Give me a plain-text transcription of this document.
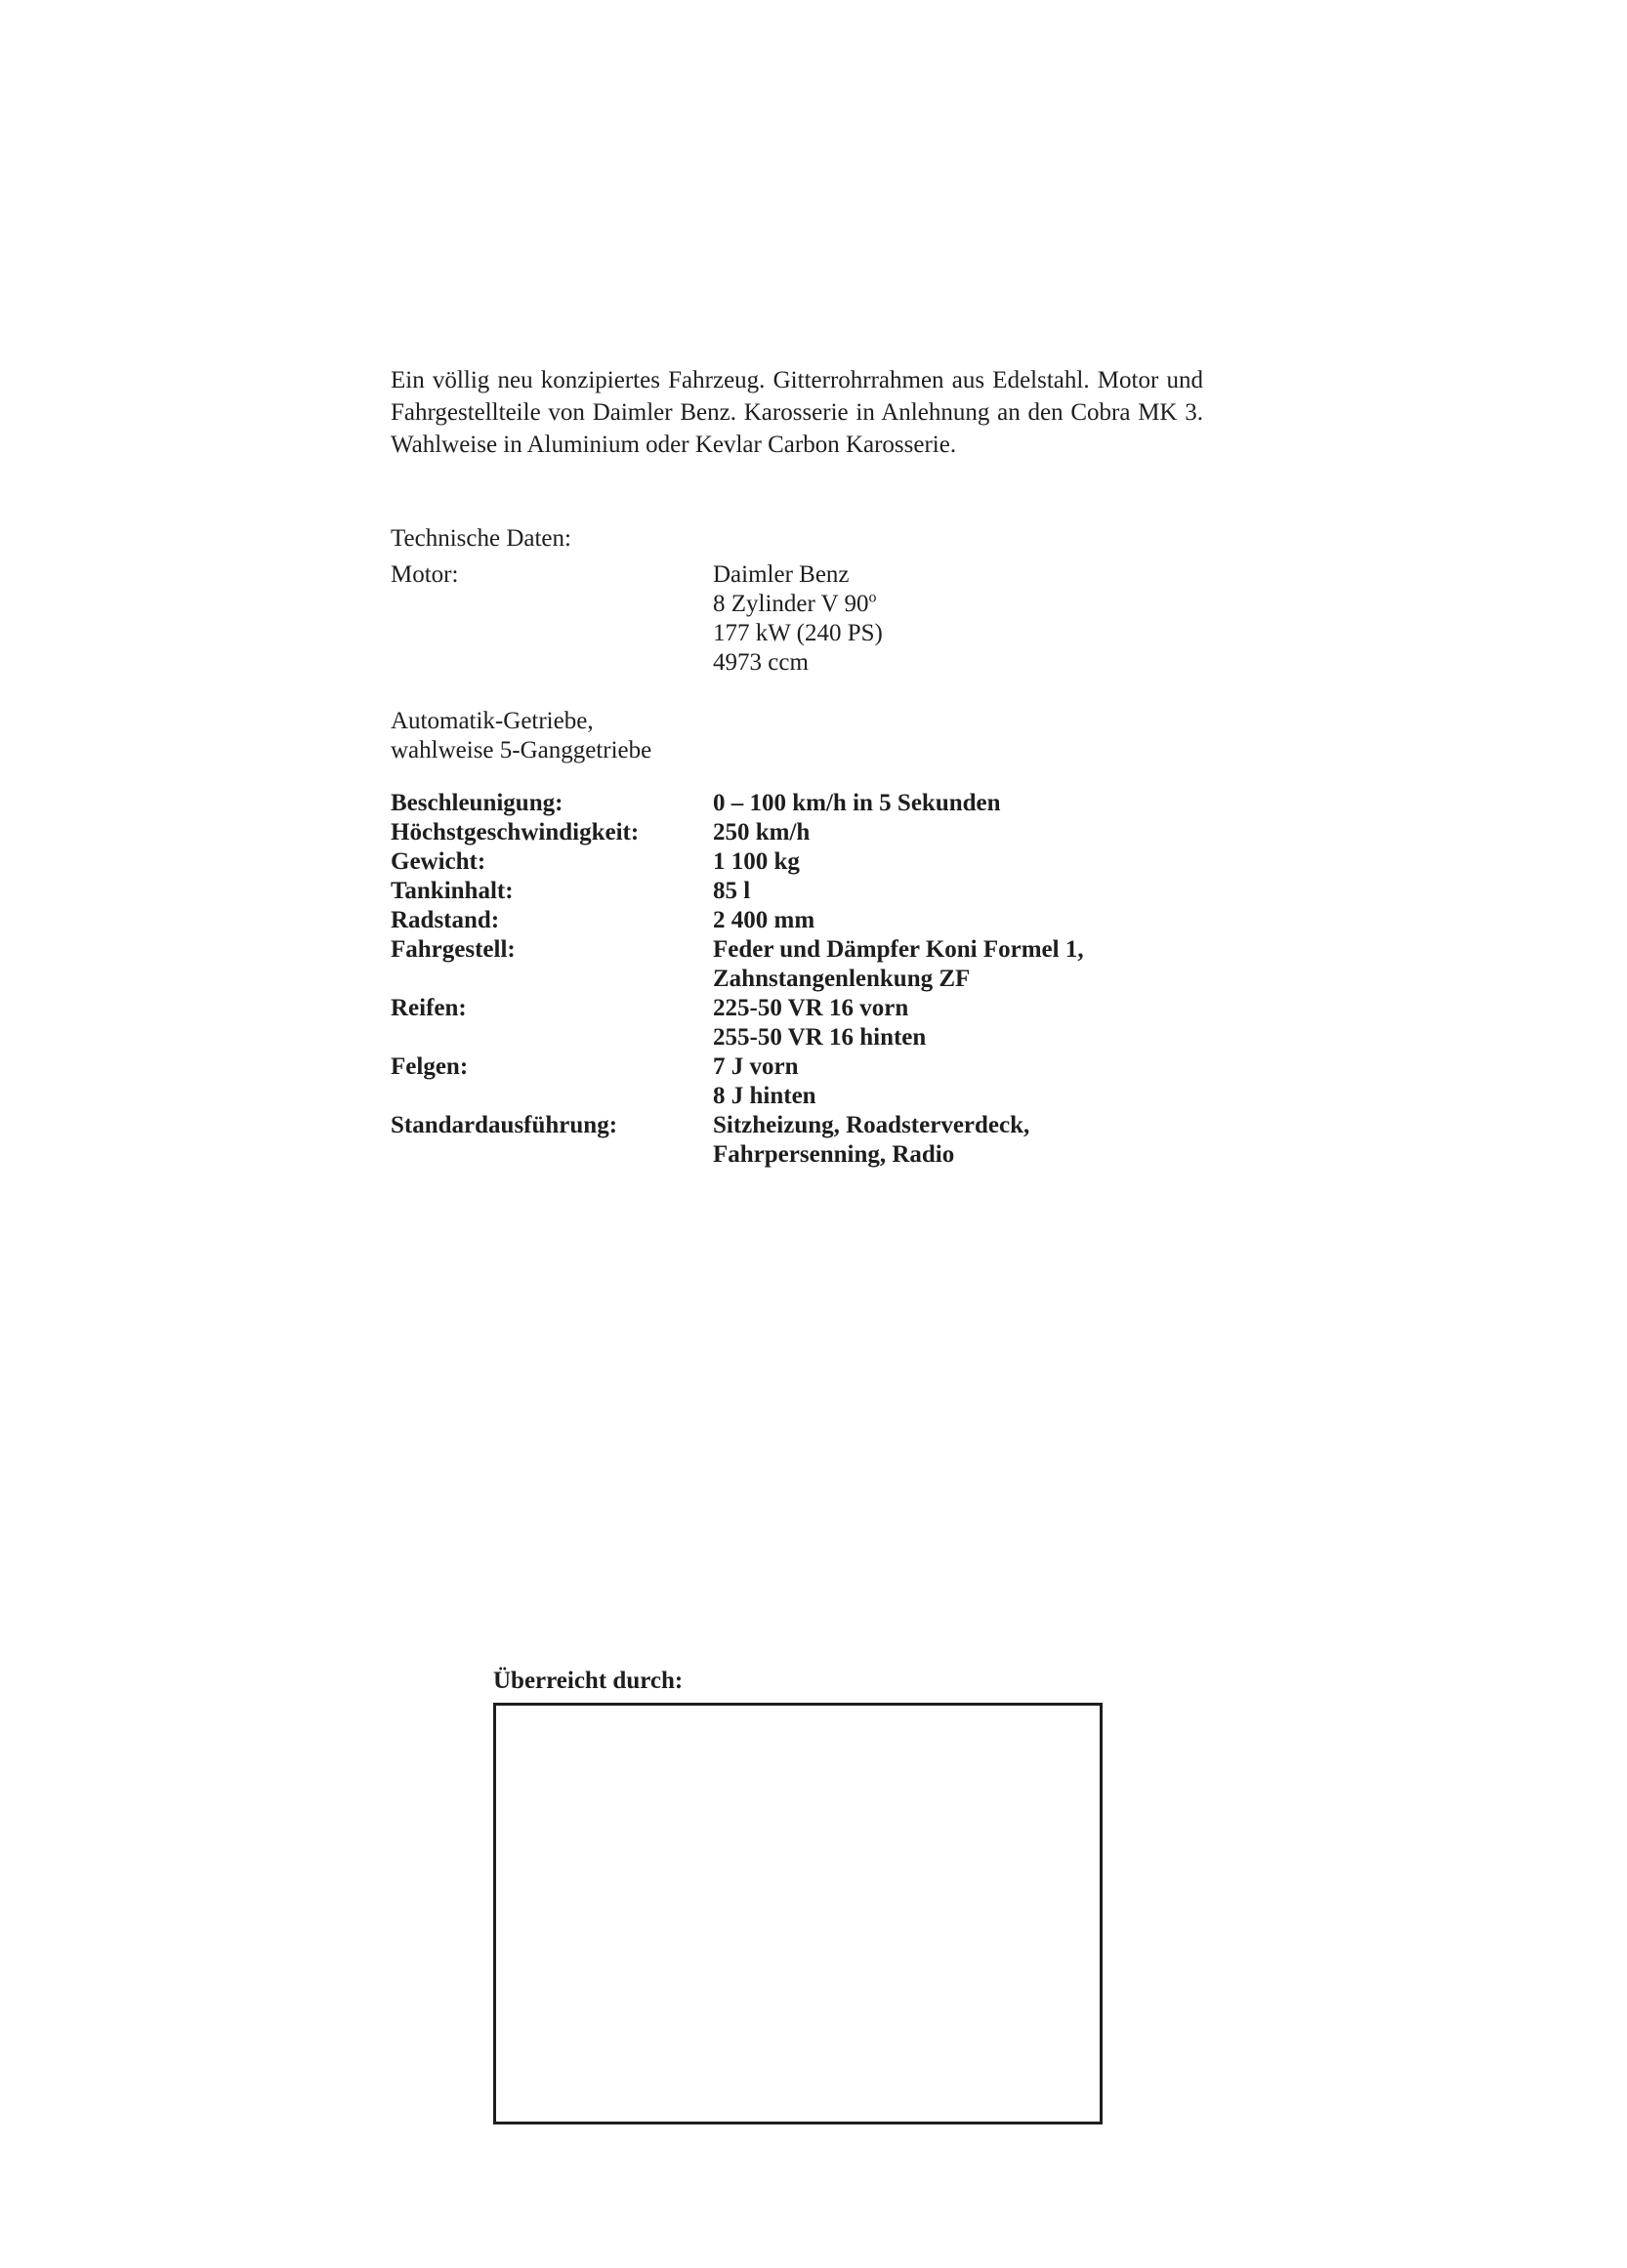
Ein völlig neu konzipiertes Fahrzeug. Gitterrohrrahmen aus Edelstahl. Motor und Fahrgestellteile von Daimler Benz. Karosserie in Anlehnung an den Cobra MK 3. Wahlweise in Aluminium oder Kevlar Carbon Karosserie.

Technische Daten:
Motor:	Daimler Benz
8 Zylinder V 90$^o$
177 kW (240 PS)
4973 ccm
Automatik-Getriebe,
wahlweise 5-Ganggetriebe
Beschleunigung:	0 – 100 km/h in 5 Sekunden
Höchstgeschwindigkeit:	250 km/h
Gewicht:	1 100 kg
Tankinhalt:	85 l
Radstand:	2 400 mm
Fahrgestell:	Feder und Dämpfer Koni Formel 1,
Zahnstangenlenkung ZF
Reifen:	225-50 VR 16 vorn
255-50 VR 16 hinten
Felgen:	7 J vorn
8 J hinten
Standardausführung:	Sitzheizung, Roadsterverdeck,
Fahrpersenning, Radio

Überreicht durch:
